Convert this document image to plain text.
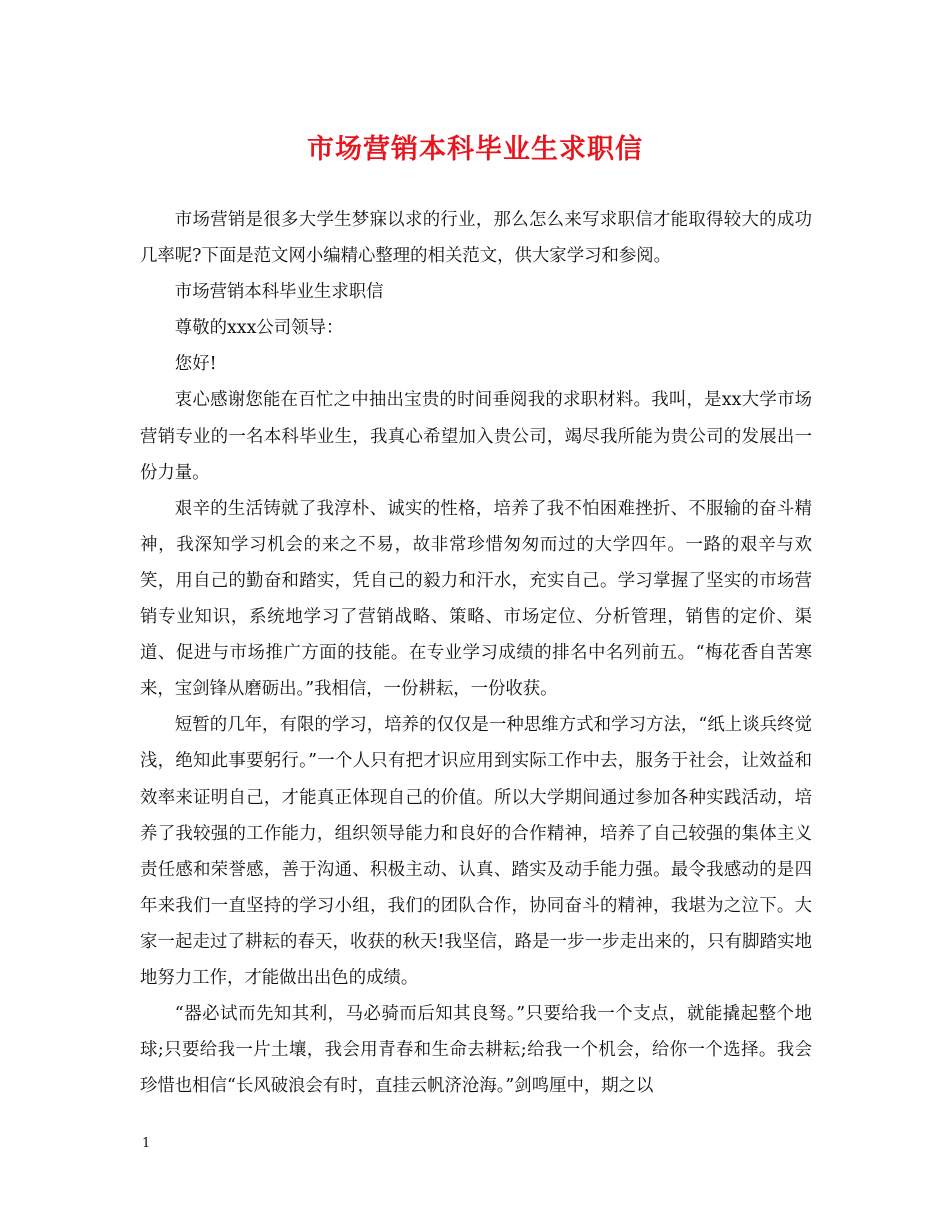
市场营销本科毕业生求职信

市场营销是很多大学生梦寐以求的行业，那么怎么来写求职信才能取得较大的成功几率呢?下面是范文网小编精心整理的相关范文，供大家学习和参阅。

市场营销本科毕业生求职信

尊敬的xxx公司领导：

您好!

衷心感谢您能在百忙之中抽出宝贵的时间垂阅我的求职材料。我叫，是xx大学市场营销专业的一名本科毕业生，我真心希望加入贵公司，竭尽我所能为贵公司的发展出一份力量。

艰辛的生活铸就了我淳朴、诚实的性格，培养了我不怕困难挫折、不服输的奋斗精神，我深知学习机会的来之不易，故非常珍惜匆匆而过的大学四年。一路的艰辛与欢笑，用自己的勤奋和踏实，凭自己的毅力和汗水，充实自己。学习掌握了坚实的市场营销专业知识，系统地学习了营销战略、策略、市场定位、分析管理，销售的定价、渠道、促进与市场推广方面的技能。在专业学习成绩的排名中名列前五。“梅花香自苦寒来，宝剑锋从磨砺出。”我相信，一份耕耘，一份收获。

短暂的几年，有限的学习，培养的仅仅是一种思维方式和学习方法，“纸上谈兵终觉浅，绝知此事要躬行。”一个人只有把才识应用到实际工作中去，服务于社会，让效益和效率来证明自己，才能真正体现自己的价值。所以大学期间通过参加各种实践活动，培养了我较强的工作能力，组织领导能力和良好的合作精神，培养了自己较强的集体主义责任感和荣誉感，善于沟通、积极主动、认真、踏实及动手能力强。最令我感动的是四年来我们一直坚持的学习小组，我们的团队合作，协同奋斗的精神，我堪为之泣下。大家一起走过了耕耘的春天，收获的秋天!我坚信，路是一步一步走出来的，只有脚踏实地地努力工作，才能做出出色的成绩。

“器必试而先知其利，马必骑而后知其良驽。”只要给我一个支点，就能撬起整个地球;只要给我一片土壤，我会用青春和生命去耕耘;给我一个机会，给你一个选择。我会珍惜也相信“长风破浪会有时，直挂云帆济沧海。”剑鸣厘中，期之以

1
